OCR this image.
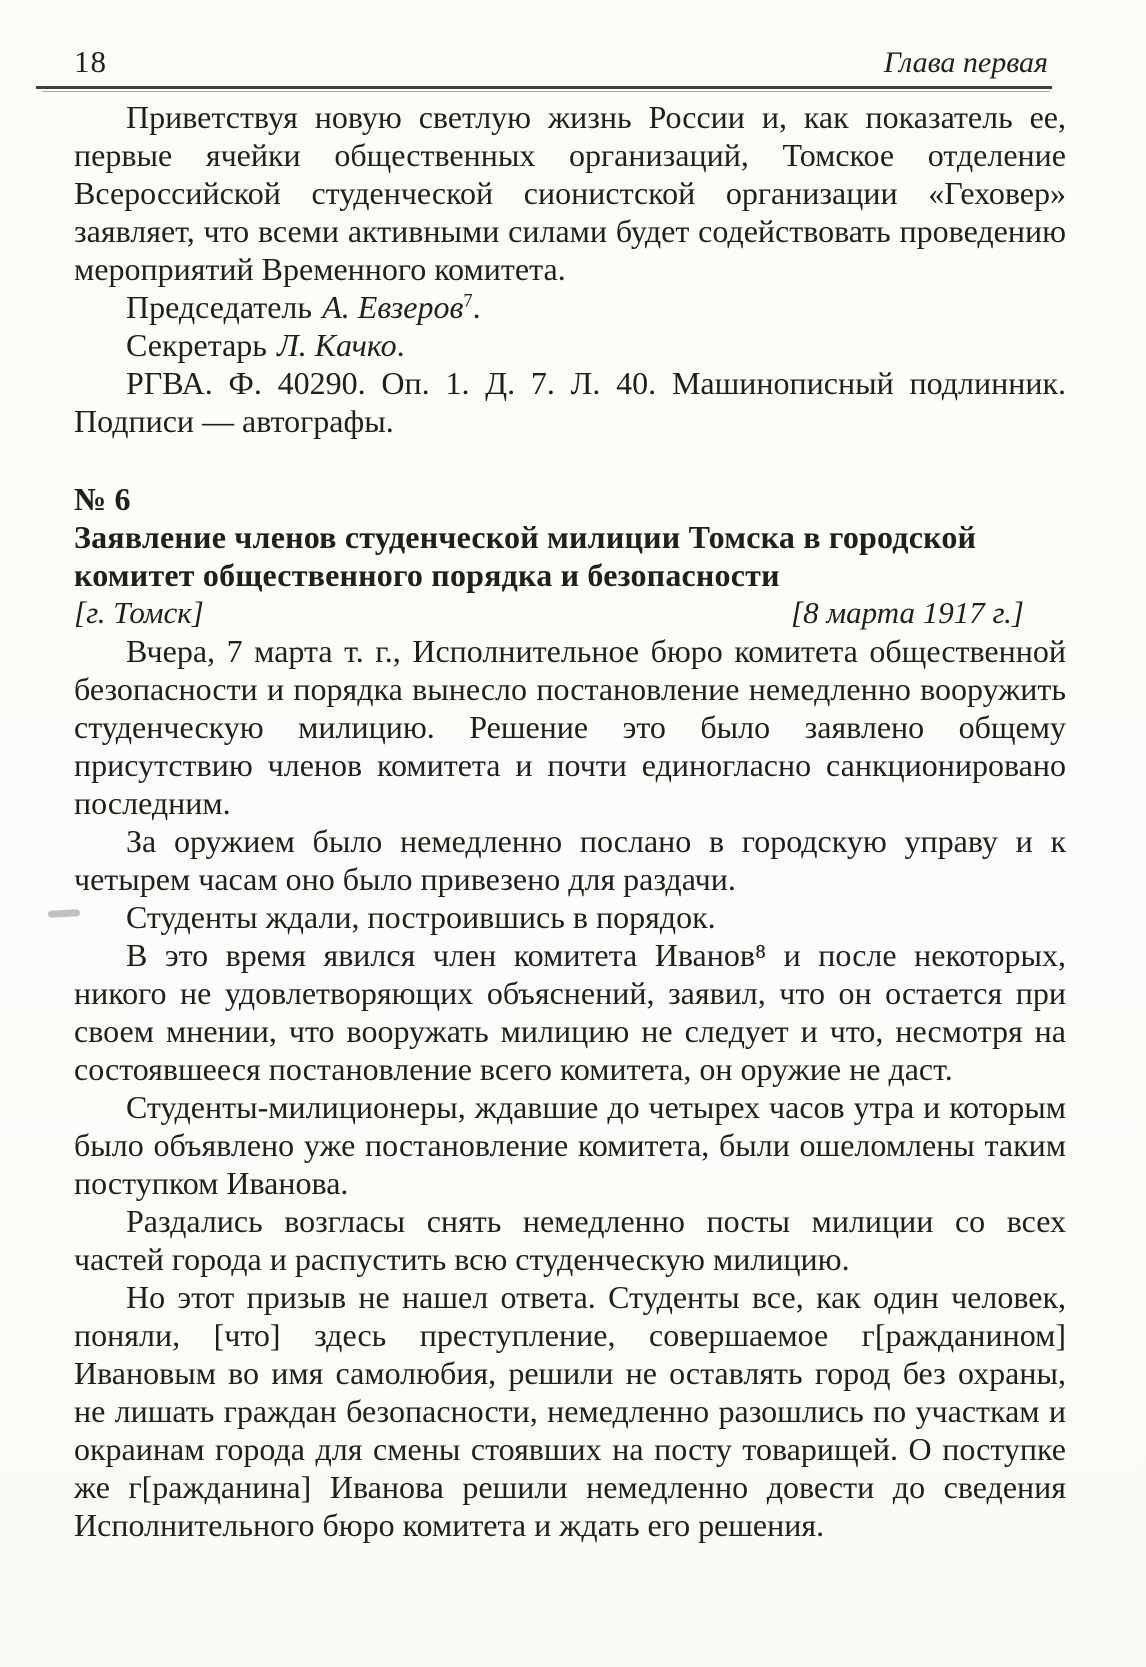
18	Глава первая

Приветствуя новую светлую жизнь России и, как показатель ее, первые ячейки общественных организаций, Томское отделение Всероссийской студенческой сионистской организации «Геховер» заявляет, что всеми активными силами будет содействовать проведению мероприятий Временного комитета.

Председатель А. Евзеров$^7$.

Секретарь Л. Качко.

РГВА. Ф. 40290. Оп. 1. Д. 7. Л. 40. Машинописный подлинник. Подписи — автографы.

№ 6

Заявление членов студенческой милиции Томска в городской комитет общественного порядка и безопасности

[г. Томск]	[8 марта 1917 г.]

Вчера, 7 марта т. г., Исполнительное бюро комитета общественной безопасности и порядка вынесло постановление немедленно вооружить студенческую милицию. Решение это было заявлено общему присутствию членов комитета и почти единогласно санкционировано последним.

За оружием было немедленно послано в городскую управу и к четырем часам оно было привезено для раздачи.

Студенты ждали, построившись в порядок.

В это время явился член комитета Иванов⁸ и после некоторых, никого не удовлетворяющих объяснений, заявил, что он остается при своем мнении, что вооружать милицию не следует и что, несмотря на состоявшееся постановление всего комитета, он оружие не даст.

Студенты-милиционеры, ждавшие до четырех часов утра и которым было объявлено уже постановление комитета, были ошеломлены таким поступком Иванова.

Раздались возгласы снять немедленно посты милиции со всех частей города и распустить всю студенческую милицию.

Но этот призыв не нашел ответа. Студенты все, как один человек, поняли, [что] здесь преступление, совершаемое г[ражданином] Ивановым во имя самолюбия, решили не оставлять город без охраны, не лишать граждан безопасности, немедленно разошлись по участкам и окраинам города для смены стоявших на посту товарищей. О поступке же г[ражданина] Иванова решили немедленно довести до сведения Исполнительного бюро комитета и ждать его решения.
